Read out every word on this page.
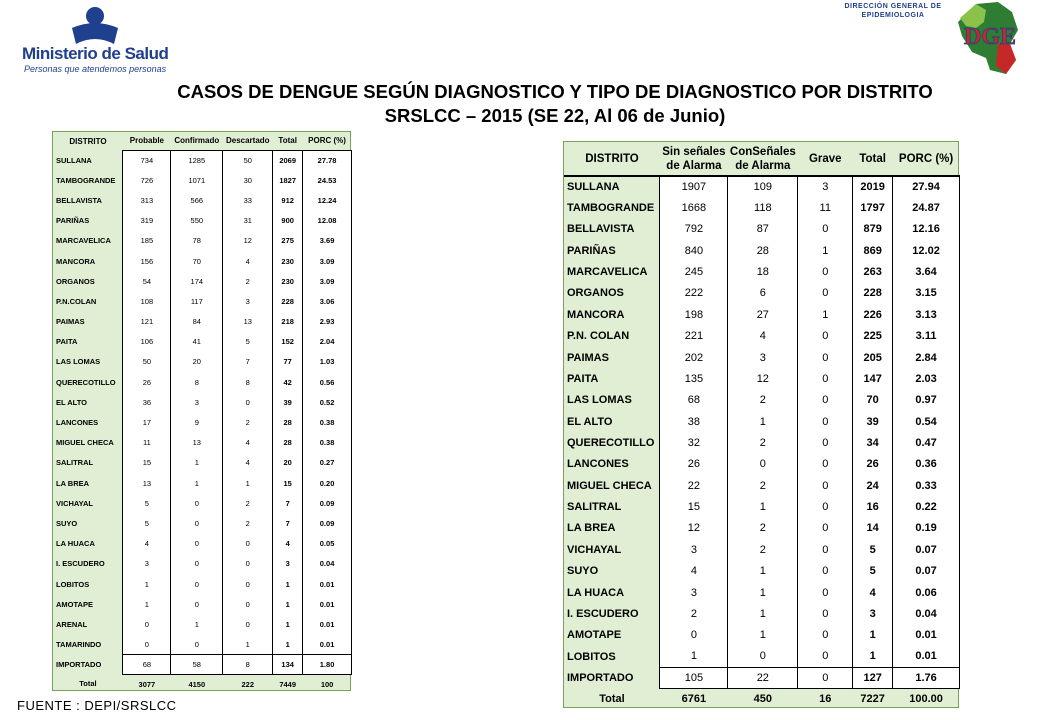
Ministerio de Salud
Personas que atendemos personas
DIRECCIÓN GENERAL DE
EPIDEMIOLOGIA
DGE
CASOS DE DENGUE SEGÚN DIAGNOSTICO Y TIPO DE DIAGNOSTICO POR DISTRITO
SRSLCC – 2015 (SE 22, Al 06 de Junio)
DISTRITO	Probable	Confirmado	Descartado	Total	PORC (%)
SULLANA	734	1285	50	2069	27.78
TAMBOGRANDE	726	1071	30	1827	24.53
BELLAVISTA	313	566	33	912	12.24
PARIÑAS	319	550	31	900	12.08
MARCAVELICA	185	78	12	275	3.69
MANCORA	156	70	4	230	3.09
ORGANOS	54	174	2	230	3.09
P.N.COLAN	108	117	3	228	3.06
PAIMAS	121	84	13	218	2.93
PAITA	106	41	5	152	2.04
LAS LOMAS	50	20	7	77	1.03
QUERECOTILLO	26	8	8	42	0.56
EL ALTO	36	3	0	39	0.52
LANCONES	17	9	2	28	0.38
MIGUEL CHECA	11	13	4	28	0.38
SALITRAL	15	1	4	20	0.27
LA BREA	13	1	1	15	0.20
VICHAYAL	5	0	2	7	0.09
SUYO	5	0	2	7	0.09
LA HUACA	4	0	0	4	0.05
I. ESCUDERO	3	0	0	3	0.04
LOBITOS	1	0	0	1	0.01
AMOTAPE	1	0	0	1	0.01
ARENAL	0	1	0	1	0.01
TAMARINDO	0	0	1	1	0.01
IMPORTADO	68	58	8	134	1.80
Total	3077	4150	222	7449	100
DISTRITO	Sin señales de Alarma	ConSeñales de Alarma	Grave	Total	PORC (%)
SULLANA	1907	109	3	2019	27.94
TAMBOGRANDE	1668	118	11	1797	24.87
BELLAVISTA	792	87	0	879	12.16
PARIÑAS	840	28	1	869	12.02
MARCAVELICA	245	18	0	263	3.64
ORGANOS	222	6	0	228	3.15
MANCORA	198	27	1	226	3.13
P.N. COLAN	221	4	0	225	3.11
PAIMAS	202	3	0	205	2.84
PAITA	135	12	0	147	2.03
LAS LOMAS	68	2	0	70	0.97
EL ALTO	38	1	0	39	0.54
QUERECOTILLO	32	2	0	34	0.47
LANCONES	26	0	0	26	0.36
MIGUEL CHECA	22	2	0	24	0.33
SALITRAL	15	1	0	16	0.22
LA BREA	12	2	0	14	0.19
VICHAYAL	3	2	0	5	0.07
SUYO	4	1	0	5	0.07
LA HUACA	3	1	0	4	0.06
I. ESCUDERO	2	1	0	3	0.04
AMOTAPE	0	1	0	1	0.01
LOBITOS	1	0	0	1	0.01
IMPORTADO	105	22	0	127	1.76
Total	6761	450	16	7227	100.00
FUENTE : DEPI/SRSLCC
